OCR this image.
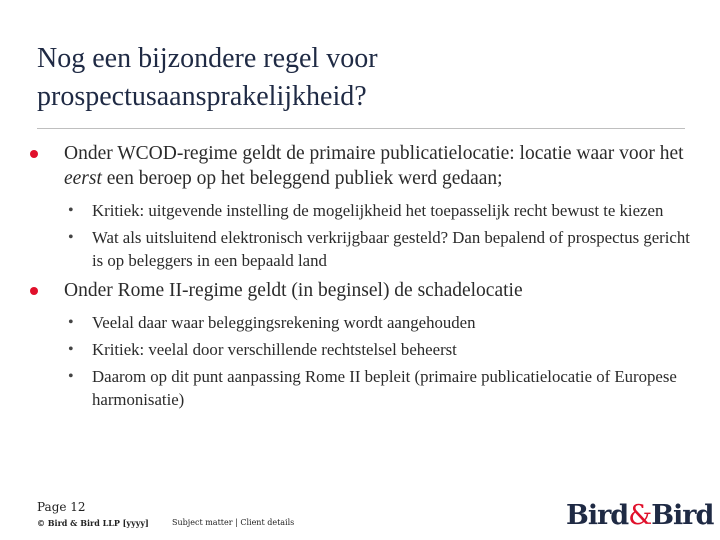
Nog een bijzondere regel voor
prospectusaansprakelijkheid?
Onder WCOD-regime geldt de primaire publicatielocatie: locatie waar voor het eerst een beroep op het beleggend publiek werd gedaan;
• Kritiek: uitgevende instelling de mogelijkheid het toepasselijk recht bewust te kiezen
• Wat als uitsluitend elektronisch verkrijgbaar gesteld? Dan bepalend of prospectus gericht is op beleggers in een bepaald land
Onder Rome II-regime geldt (in beginsel) de schadelocatie
• Veelal daar waar beleggingsrekening wordt aangehouden
• Kritiek: veelal door verschillende rechtstelsel beheerst
• Daarom op dit punt aanpassing Rome II bepleit (primaire publicatielocatie of Europese harmonisatie)
Page 12
© Bird & Bird LLP [yyyy]	Subject matter | Client details	Bird&Bird
